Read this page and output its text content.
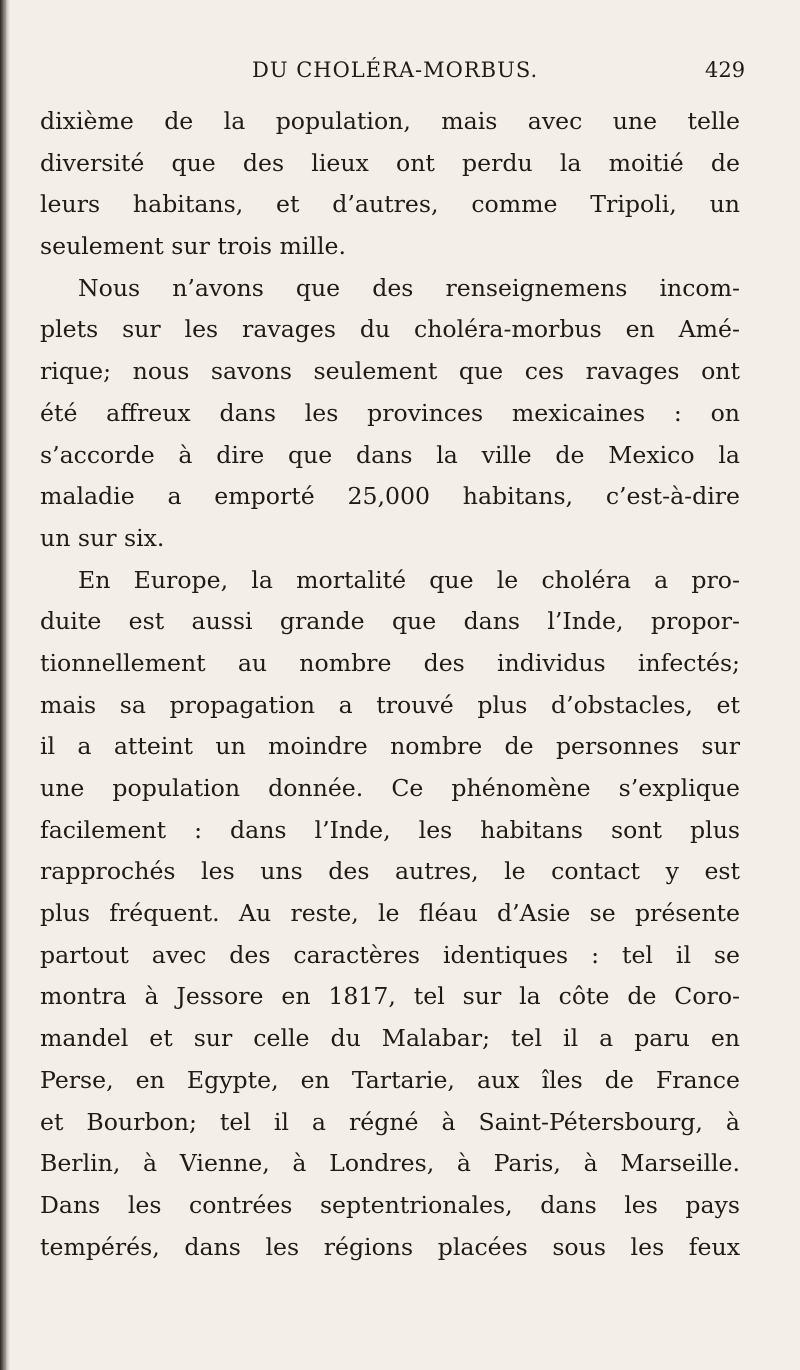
DU CHOLÉRA-MORBUS.	429
dixième de la population, mais avec une telle
diversité que des lieux ont perdu la moitié de
leurs habitans, et d’autres, comme Tripoli, un
seulement sur trois mille.
Nous n’avons que des renseignemens incom-
plets sur les ravages du choléra-morbus en Amé-
rique; nous savons seulement que ces ravages ont
été affreux dans les provinces mexicaines : on
s’accorde à dire que dans la ville de Mexico la
maladie a emporté 25,000 habitans, c’est-à-dire
un sur six.
En Europe, la mortalité que le choléra a pro-
duite est aussi grande que dans l’Inde, propor-
tionnellement au nombre des individus infectés;
mais sa propagation a trouvé plus d’obstacles, et
il a atteint un moindre nombre de personnes sur
une population donnée. Ce phénomène s’explique
facilement : dans l’Inde, les habitans sont plus
rapprochés les uns des autres, le contact y est
plus fréquent. Au reste, le fléau d’Asie se présente
partout avec des caractères identiques : tel il se
montra à Jessore en 1817, tel sur la côte de Coro-
mandel et sur celle du Malabar; tel il a paru en
Perse, en Egypte, en Tartarie, aux îles de France
et Bourbon; tel il a régné à Saint-Pétersbourg, à
Berlin, à Vienne, à Londres, à Paris, à Marseille.
Dans les contrées septentrionales, dans les pays
tempérés, dans les régions placées sous les feux
